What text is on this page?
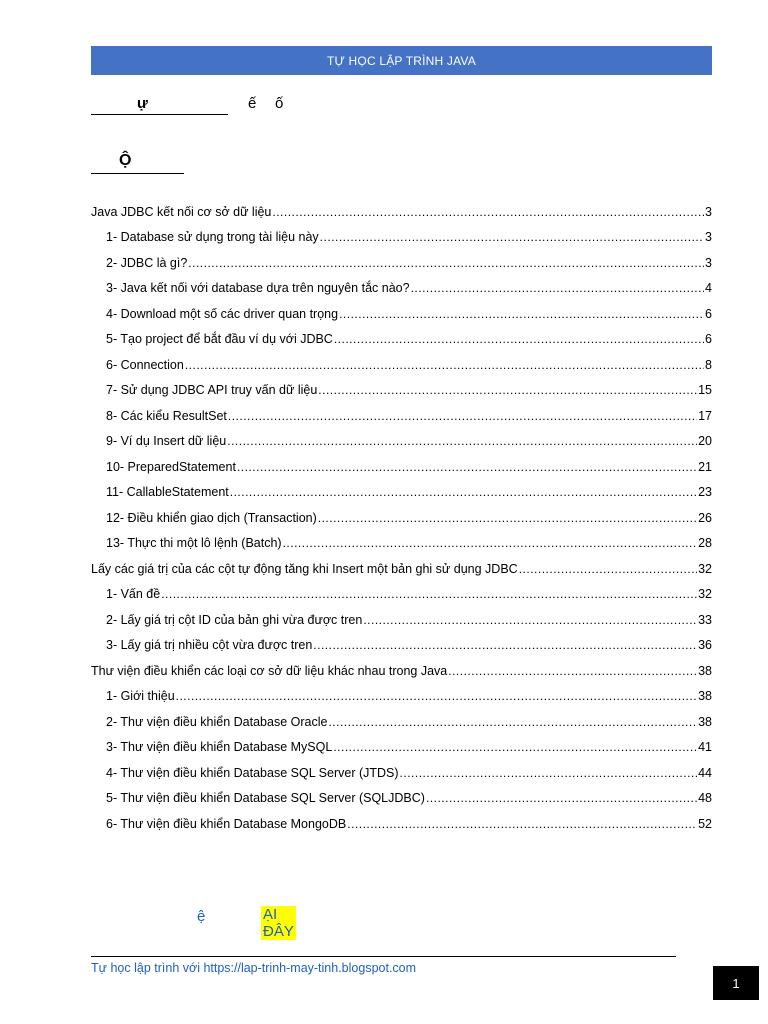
TỰ HỌC LẬP TRÌNH JAVA
ự	ế ố
Ộ
Java JDBC kết nối cơ sở dữ liệu .....	3
1- Database sử dụng trong tài liệu này .....	3
2- JDBC là gì? .....	3
3- Java kết nối với database dựa trên nguyên tắc nào? .....	4
4- Download một số các driver quan trọng .....	6
5- Tạo project để bắt đầu ví dụ với JDBC .....	6
6- Connection .....	8
7- Sử dụng JDBC API truy vấn dữ liệu .....	15
8- Các kiểu ResultSet .....	17
9- Ví dụ Insert dữ liệu .....	20
10- PreparedStatement .....	21
11- CallableStatement .....	23
12- Điều khiển giao dịch (Transaction) .....	26
13- Thực thi một lô lệnh (Batch) .....	28
Lấy các giá trị của các cột tự động tăng khi Insert một bản ghi sử dụng JDBC .....	32
1- Vấn đề .....	32
2- Lấy giá trị cột ID của bản ghi vừa được tren .....	33
3- Lấy giá trị nhiều cột vừa được tren .....	36
Thư viện điều khiển các loại cơ sở dữ liệu khác nhau trong Java .....	38
1- Giới thiệu .....	38
2- Thư viện điều khiển Database Oracle .....	38
3- Thư viện điều khiển Database MySQL .....	41
4- Thư viện điều khiển Database SQL Server (JTDS) .....	44
5- Thư viện điều khiển Database SQL Server (SQLJDBC) .....	48
6- Thư viện điều khiển Database MongoDB .....	52
ệ	ẠI ĐÂY
Tự học lập trình với https://lap-trinh-may-tinh.blogspot.com
1
